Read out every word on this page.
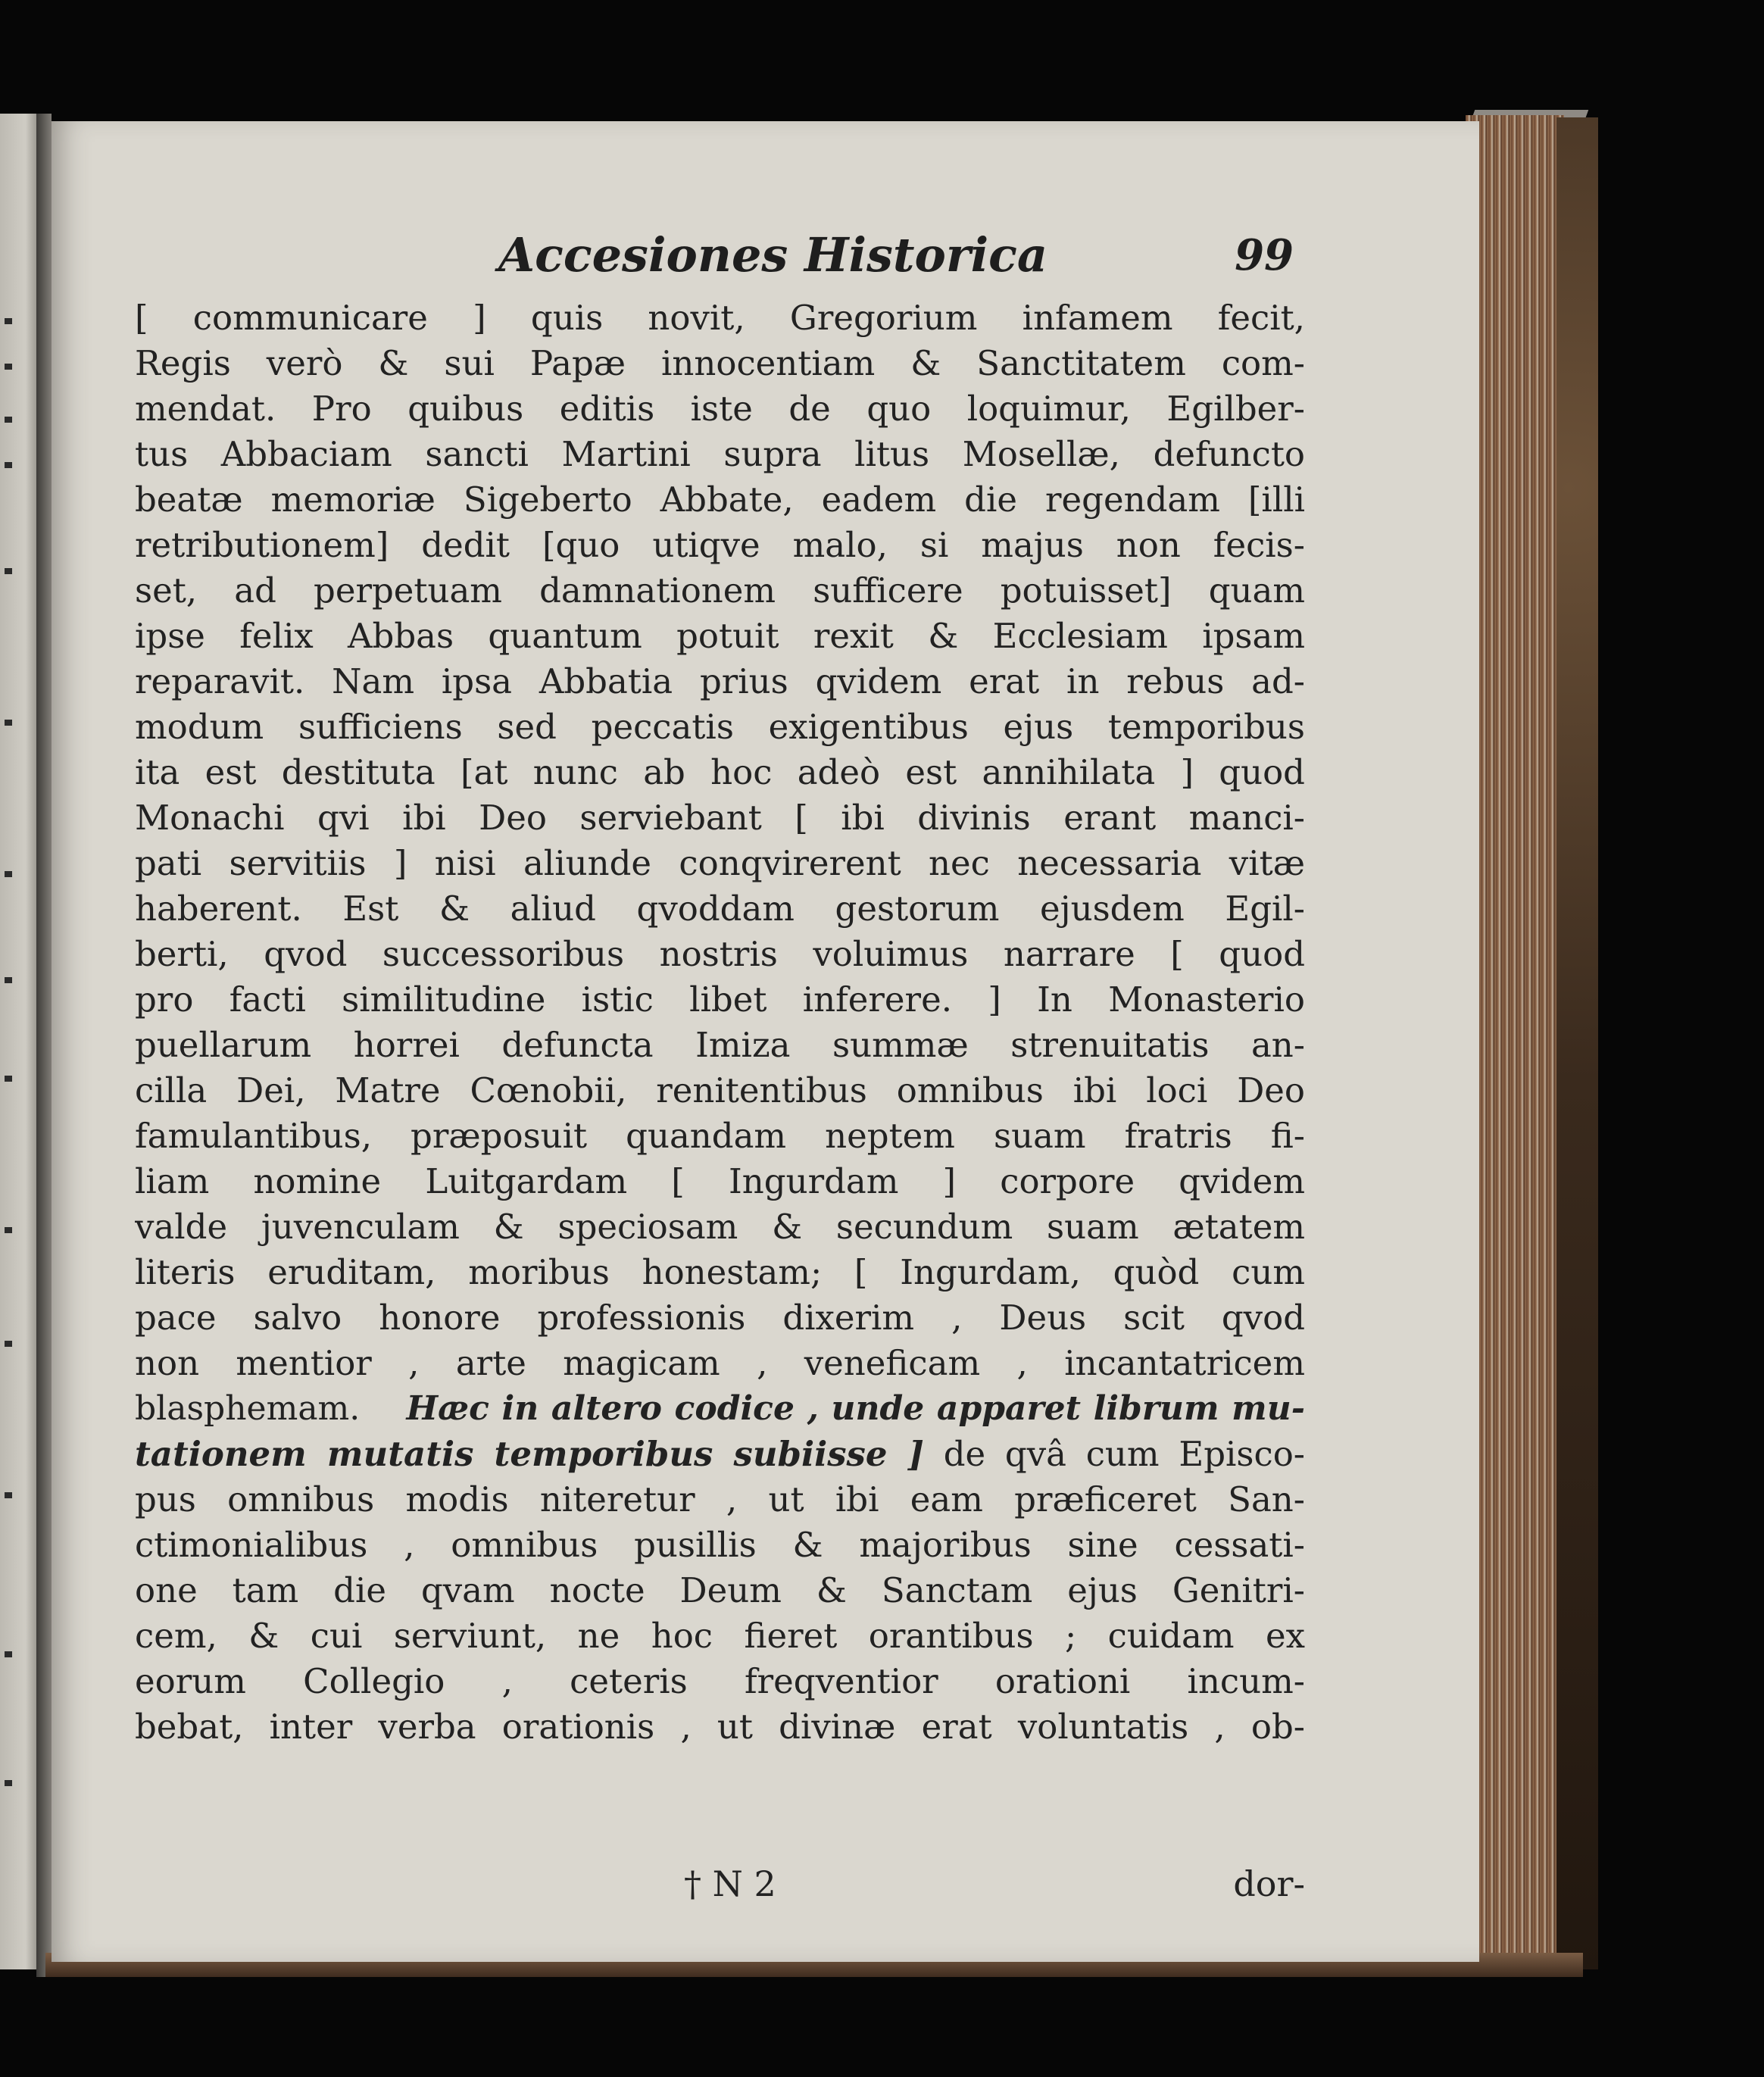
Accesiones Historica	99
[ communicare ] quis novit, Gregorium infamem fecit,
Regis verò & sui Papæ innocentiam & Sanctitatem com-
mendat. Pro quibus editis iste de quo loquimur, Egilber-
tus Abbaciam sancti Martini supra litus Mosellæ, defuncto
beatæ memoriæ Sigeberto Abbate, eadem die regendam [illi
retributionem] dedit [quo utiqve malo, si majus non fecis-
set, ad perpetuam damnationem sufficere potuisset] quam
ipse felix Abbas quantum potuit rexit & Ecclesiam ipsam
reparavit. Nam ipsa Abbatia prius qvidem erat in rebus ad-
modum sufficiens sed peccatis exigentibus ejus temporibus
ita est destituta [at nunc ab hoc adeò est annihilata ] quod
Monachi qvi ibi Deo serviebant [ ibi divinis erant manci-
pati servitiis ] nisi aliunde conqvirerent nec necessaria vitæ
haberent. Est & aliud qvoddam gestorum ejusdem Egil-
berti, qvod successoribus nostris voluimus narrare [ quod
pro facti similitudine istic libet inferere. ] In Monasterio
puellarum horrei defuncta Imiza summæ strenuitatis an-
cilla Dei, Matre Cœnobii, renitentibus omnibus ibi loci Deo
famulantibus, præposuit quandam neptem suam fratris fi-
liam nomine Luitgardam [ Ingurdam ] corpore qvidem
valde juvenculam & speciosam & secundum suam ætatem
literis eruditam, moribus honestam; [ Ingurdam, quòd cum
pace salvo honore professionis dixerim , Deus scit qvod
non mentior , arte magicam , veneficam , incantatricem
blasphemam. Hæc in altero codice , unde apparet librum mu-
tationem mutatis temporibus subiisse ] de qvâ cum Episco-
pus omnibus modis niteretur , ut ibi eam præficeret San-
ctimonialibus , omnibus pusillis & majoribus sine cessati-
one tam die qvam nocte Deum & Sanctam ejus Genitri-
cem, & cui serviunt, ne hoc fieret orantibus ; cuidam ex
eorum Collegio , ceteris freqventior orationi incum-
bebat, inter verba orationis , ut divinæ erat voluntatis , ob-
† N 2	dor-
